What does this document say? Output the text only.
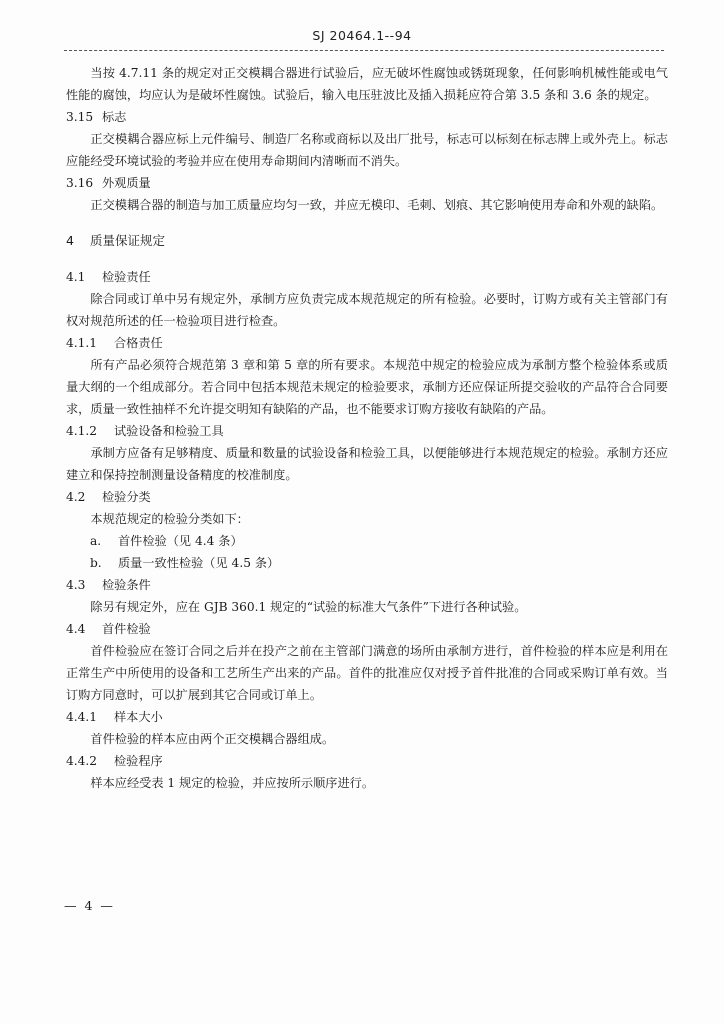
SJ 20464.1--94

当按 4.7.11 条的规定对正交模耦合器进行试验后，应无破坏性腐蚀或锈斑现象，任何影响机械性能或电气性能的腐蚀，均应认为是破坏性腐蚀。试验后，输入电压驻波比及插入损耗应符合第 3.5 条和 3.6 条的规定。

3.15 标志

正交模耦合器应标上元件编号、制造厂名称或商标以及出厂批号，标志可以标刻在标志牌上或外壳上。标志应能经受环境试验的考验并应在使用寿命期间内清晰而不消失。

3.16 外观质量

正交模耦合器的制造与加工质量应均匀一致，并应无模印、毛刺、划痕、其它影响使用寿命和外观的缺陷。

4	质量保证规定
4.1	检验责任

除合同或订单中另有规定外，承制方应负责完成本规范规定的所有检验。必要时，订购方或有关主管部门有权对规范所述的任一检验项目进行检查。

4.1.1	合格责任

所有产品必须符合规范第 3 章和第 5 章的所有要求。本规范中规定的检验应成为承制方整个检验体系或质量大纲的一个组成部分。若合同中包括本规范未规定的检验要求，承制方还应保证所提交验收的产品符合合同要求，质量一致性抽样不允许提交明知有缺陷的产品，也不能要求订购方接收有缺陷的产品。

4.1.2	试验设备和检验工具

承制方应备有足够精度、质量和数量的试验设备和检验工具，以便能够进行本规范规定的检验。承制方还应建立和保持控制测量设备精度的校准制度。

4.2	检验分类

本规范规定的检验分类如下：

a.	首件检验（见 4.4 条）
b.	质量一致性检验（见 4.5 条）
4.3	检验条件

除另有规定外，应在 GJB 360.1 规定的“试验的标准大气条件”下进行各种试验。

4.4	首件检验

首件检验应在签订合同之后并在投产之前在主管部门满意的场所由承制方进行，首件检验的样本应是利用在正常生产中所使用的设备和工艺所生产出来的产品。首件的批准应仅对授予首件批准的合同或采购订单有效。当订购方同意时，可以扩展到其它合同或订单上。

4.4.1	样本大小

首件检验的样本应由两个正交模耦合器组成。

4.4.2	检验程序

样本应经受表 1 规定的检验，并应按所示顺序进行。

— 4 —
